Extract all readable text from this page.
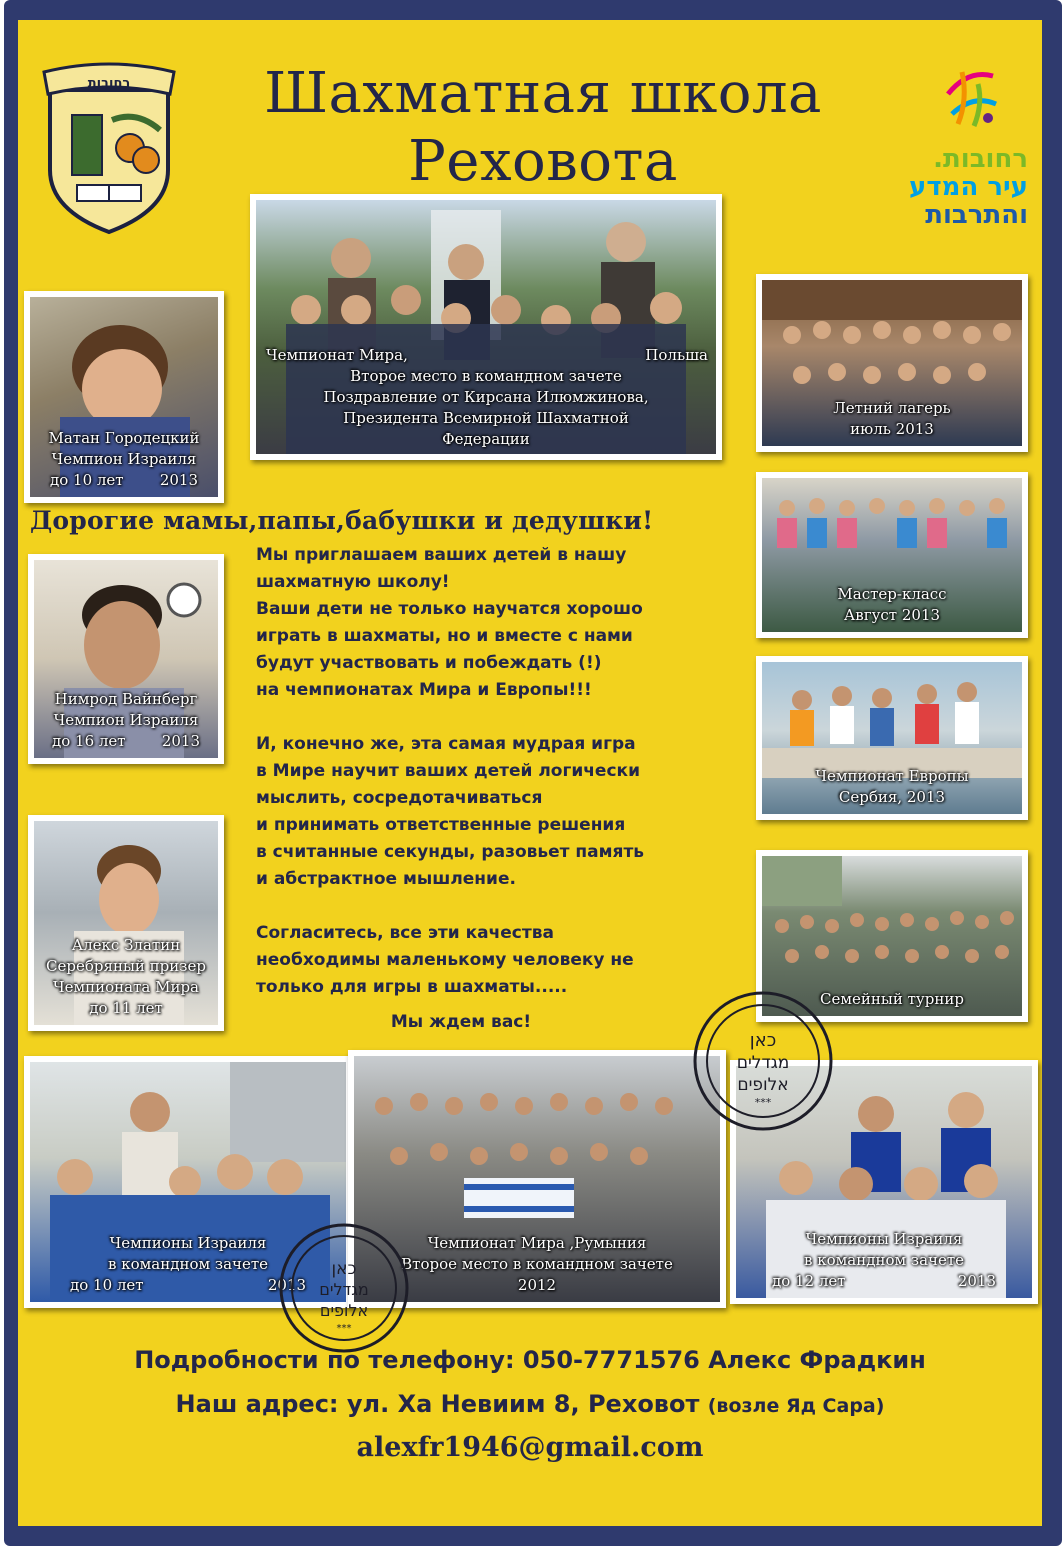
רחובות	Шахматная школа
Реховота	רחובות.
עיר המדע
והתרבות
Чемпионат Мира,	Польша
Второе место в командном зачете
Поздравление от Кирсана Илюмжинова,
Президента Всемирной Шахматной
Федерации
Матан Городецкий
Чемпион Израиля
до 10 лет 2013
Летний лагерь
июль 2013
Мастер-класс
Август 2013
Нимрод Вайнберг
Чемпион Израиля
до 16 лет 2013
Чемпионат Европы
Сербия, 2013
Алекс Златин
Серебряный призер
Чемпионата Мира
до 11 лет	Семейный турнир
Дорогие мамы,папы,бабушки и дедушки!

Мы приглашаем ваших детей в нашу

шахматную школу!

Ваши дети не только научатся хорошо

играть в шахматы, но и вместе с нами

будут участвовать и побеждать (!)

на чемпионатах Мира и Европы!!!

И, конечно же, эта самая мудрая игра

в Мире научит ваших детей логически

мыслить, сосредотачиваться

и принимать ответственные решения

в считанные секунды, разовьет память

и абстрактное мышление.

Согласитесь, все эти качества

необходимы маленькому человеку не

только для игры в шахматы.....

Мы ждем вас!

Чемпионы Израиля
в командном зачете
до 10 лет	2013
Чемпионат Мира ,Румыния
Второе место в командном зачете
2012
Чемпионы Израиля
в командном зачете
до 12 лет	2013
כאן
מגדלים
אלופים
***
כאן
מגדלים
אלופים
***
Подробности по телефону: 050-7771576 Алекс Фрадкин
Наш адрес: ул. Ха Невиим 8, Реховот (возле Яд Сара)
alexfr1946@gmail.com
